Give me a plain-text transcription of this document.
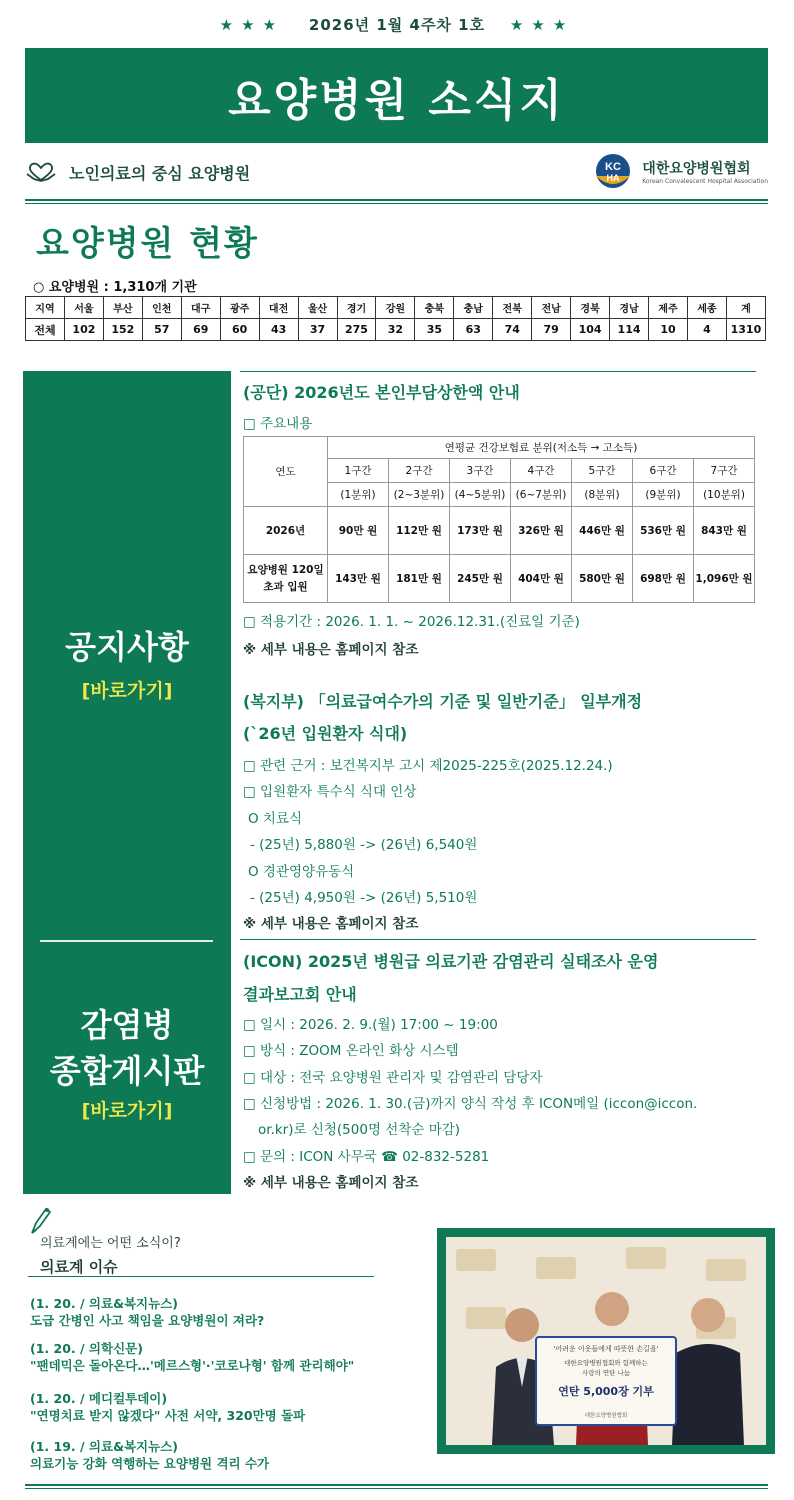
★★★ 2026년 1월 4주차 1호 ★★★
요양병원 소식지
노인의료의 중심 요양병원	KC
HA
대한요양병원협회
Korean Convalescent Hospital Association
요양병원 현황
○ 요양병원 : 1,310개 기관
지역	서울	부산	인천	대구	광주	대전	울산	경기	강원	충북	충남	전북	전남	경북	경남	제주	세종	계
전체	102	152	57	69	60	43	37	275	32	35	63	74	79	104	114	10	4	1310
공지사항
[바로가기]
감염병
종합게시판
[바로가기]
(공단) 2026년도 본인부담상한액 안내
□ 주요내용
연도	연평균 건강보험료 분위(저소득 → 고소득)						
	1구간	2구간	3구간	4구간	5구간	6구간	7구간
	(1분위)	(2~3분위)	(4~5분위)	(6~7분위)	(8분위)	(9분위)	(10분위)
2026년	90만 원	112만 원	173만 원	326만 원	446만 원	536만 원	843만 원

요양병원 120일
초과 입원	143만 원	181만 원	245만 원	404만 원	580만 원	698만 원	1,096만 원
□ 적용기간 : 2026. 1. 1. ~ 2026.12.31.(진료일 기준)
※ 세부 내용은 홈페이지 참조
(복지부) 「의료급여수가의 기준 및 일반기준」 일부개정
(`26년 입원환자 식대)
□ 관련 근거 : 보건복지부 고시 제2025-225호(2025.12.24.)
□ 입원환자 특수식 식대 인상
O 치료식
- (25년) 5,880원 -> (26년) 6,540원
O 경관영양유동식
- (25년) 4,950원 -> (26년) 5,510원
※ 세부 내용은 홈페이지 참조
(ICON) 2025년 병원급 의료기관 감염관리 실태조사 운영
결과보고회 안내
□ 일시 : 2026. 2. 9.(월) 17:00 ~ 19:00
□ 방식 : ZOOM 온라인 화상 시스템
□ 대상 : 전국 요양병원 관리자 및 감염관리 담당자
□ 신청방법 : 2026. 1. 30.(금)까지 양식 작성 후 ICON메일 (iccon@iccon.
or.kr)로 신청(500명 선착순 마감)
□ 문의 : ICON 사무국 ☎ 02-832-5281
※ 세부 내용은 홈페이지 참조
의료계에는 어떤 소식이?
의료계 이슈
(1. 20. / 의료&복지뉴스)
도급 간병인 사고 책임을 요양병원이 져라?
(1. 20. / 의학신문)
"팬데믹은 돌아온다…'메르스형'·'코로나형' 함께 관리해야"
(1. 20. / 메디컬투데이)
"연명치료 받지 않겠다" 사전 서약, 320만명 돌파
(1. 19. / 의료&복지뉴스)
의료기능 강화 역행하는 요양병원 격리 수가
'어려운 이웃들에게 따뜻한 손길을'
대한요양병원협회와 함께하는
사랑의 연탄 나눔
연탄 5,000장 기부
대한요양병원협회
